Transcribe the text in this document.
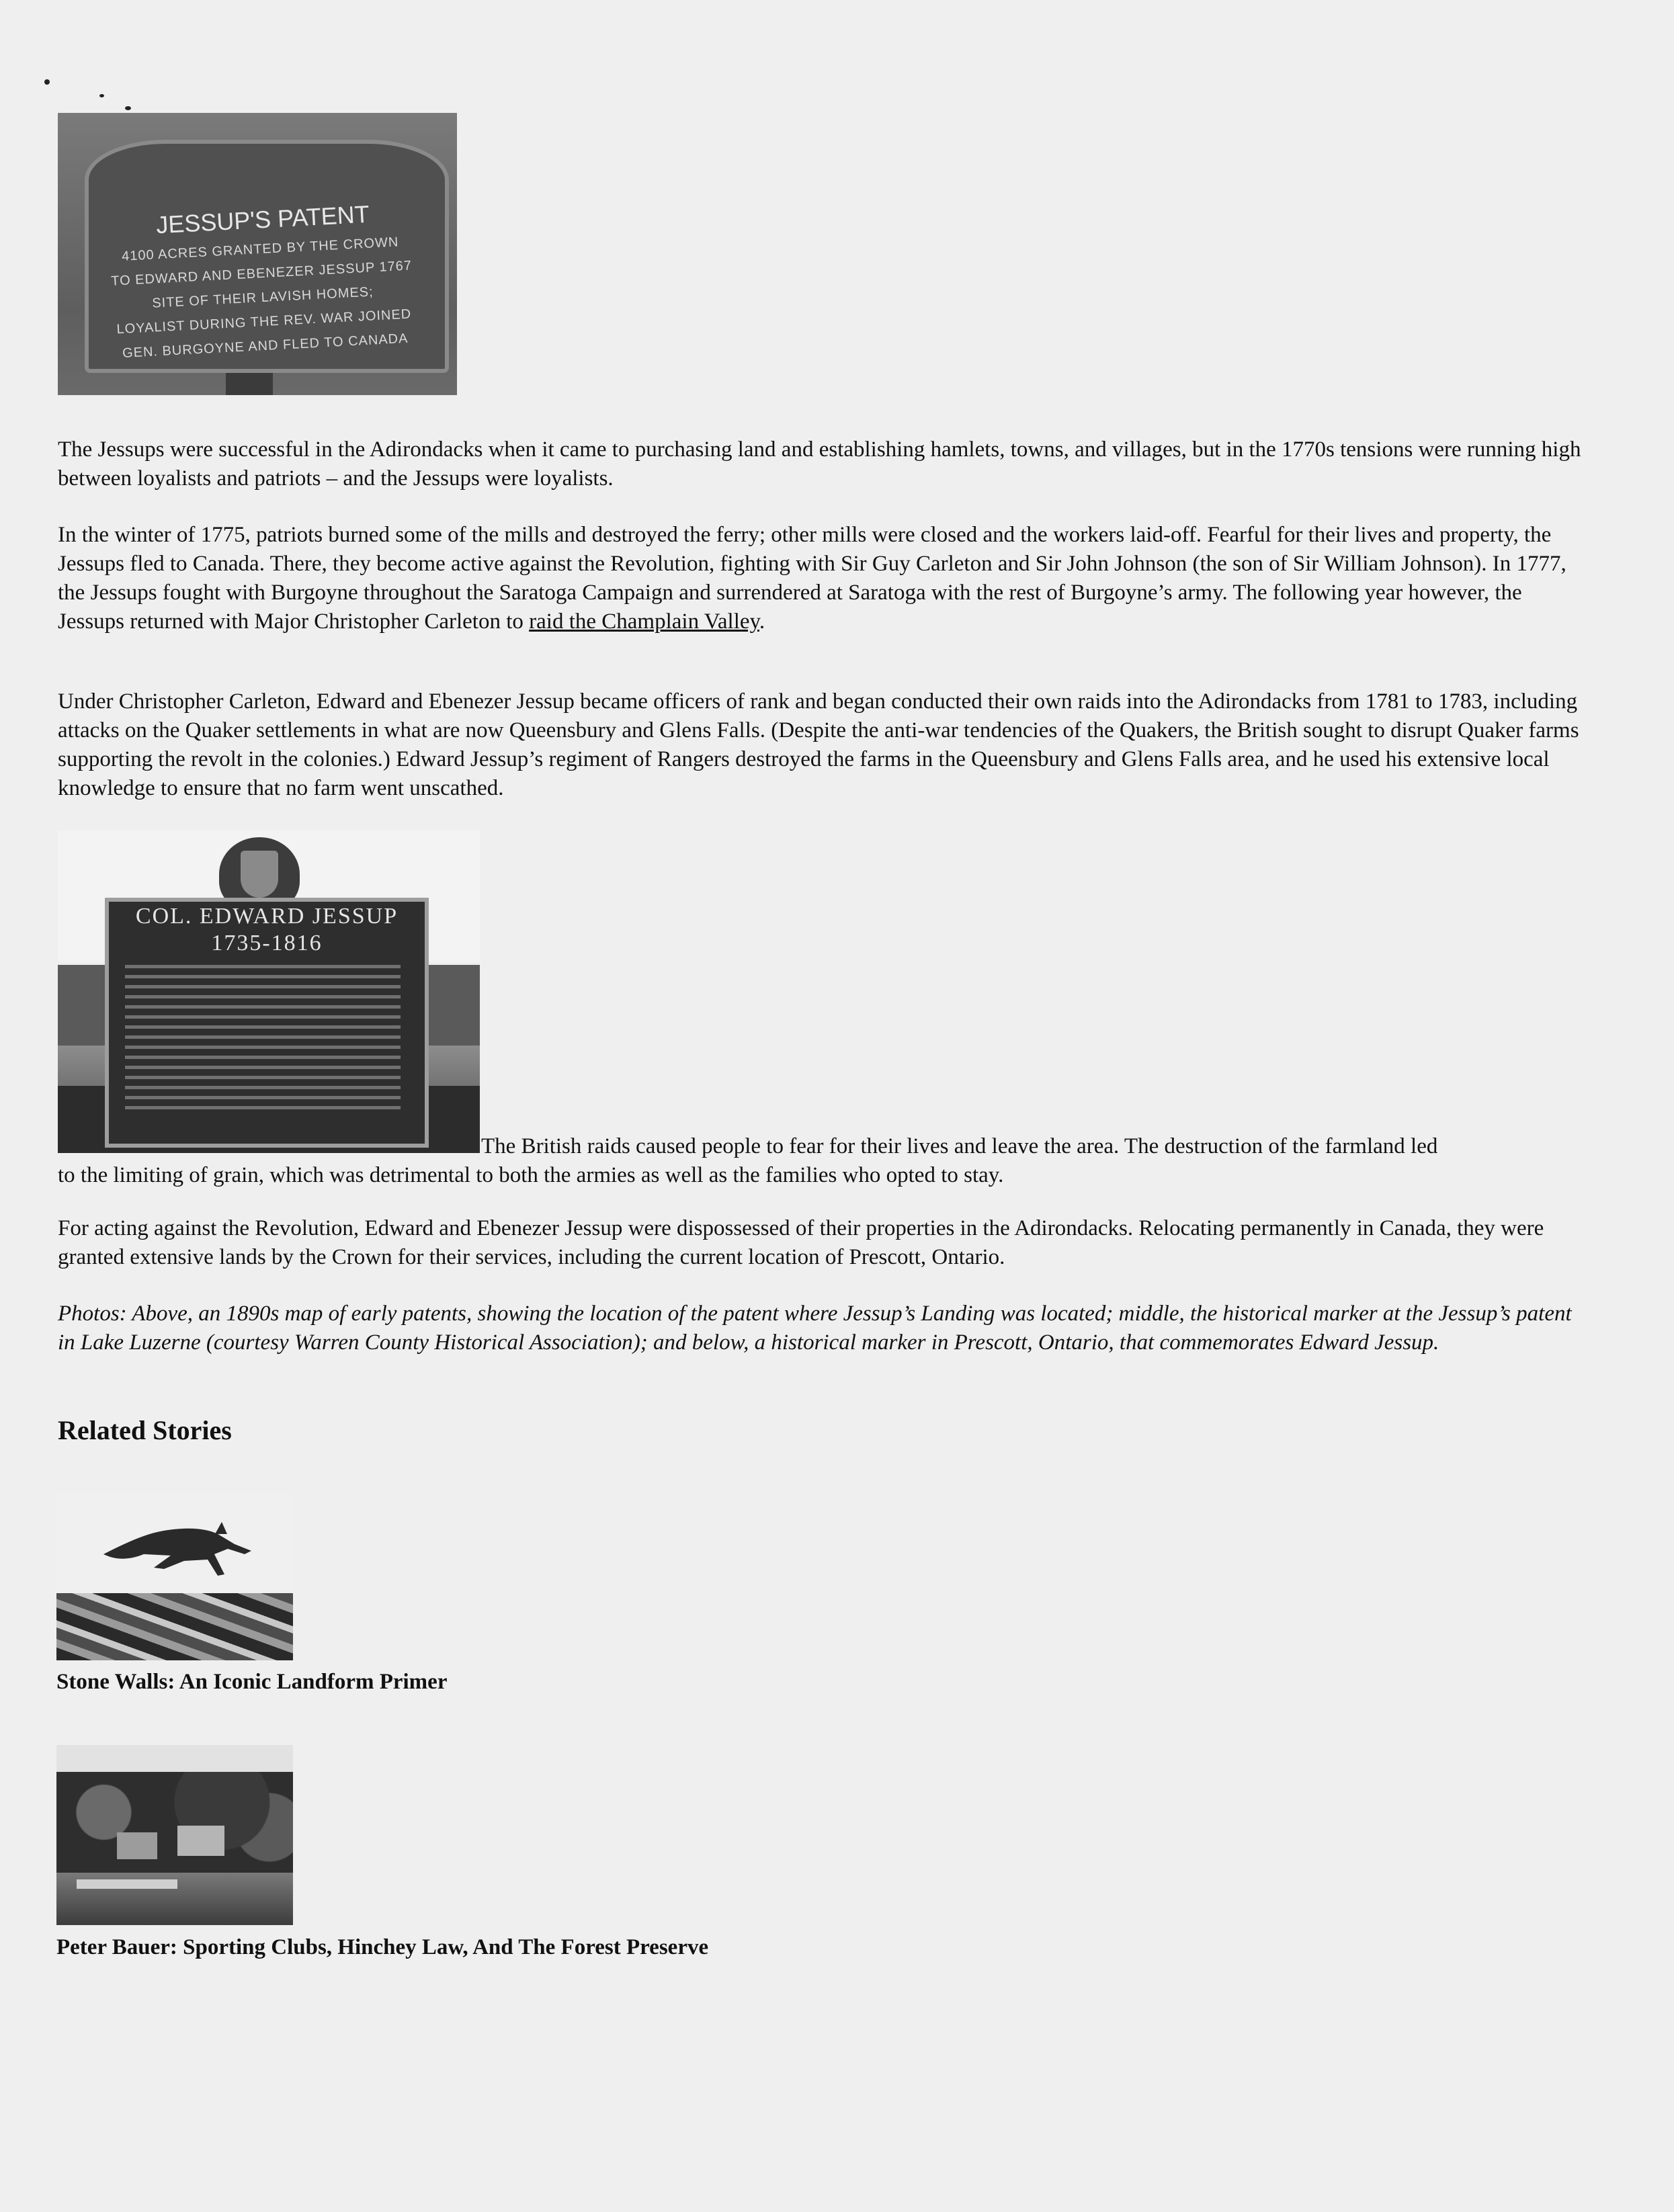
JESSUP'S PATENT
4100 ACRES GRANTED BY THE CROWN
TO EDWARD AND EBENEZER JESSUP 1767
SITE OF THEIR LAVISH HOMES;
LOYALIST DURING THE REV. WAR JOINED
GEN. BURGOYNE AND FLED TO CANADA

The Jessups were successful in the Adirondacks when it came to purchasing land and establishing hamlets, towns, and villages, but in the 1770s tensions were running high between loyalists and patriots – and the Jessups were loyalists.

In the winter of 1775, patriots burned some of the mills and destroyed the ferry; other mills were closed and the workers laid-off. Fearful for their lives and property, the Jessups fled to Canada. There, they become active against the Revolution, fighting with Sir Guy Carleton and Sir John Johnson (the son of Sir William Johnson). In 1777, the Jessups fought with Burgoyne throughout the Saratoga Campaign and surrendered at Saratoga with the rest of Burgoyne’s army. The following year however, the Jessups returned with Major Christopher Carleton to raid the Champlain Valley.

Under Christopher Carleton, Edward and Ebenezer Jessup became officers of rank and began conducted their own raids into the Adirondacks from 1781 to 1783, including attacks on the Quaker settlements in what are now Queensbury and Glens Falls. (Despite the anti-war tendencies of the Quakers, the British sought to disrupt Quaker farms supporting the revolt in the colonies.) Edward Jessup’s regiment of Rangers destroyed the farms in the Queensbury and Glens Falls area, and he used his extensive local knowledge to ensure that no farm went unscathed.

COL. EDWARD JESSUP
1735-1816

The British raids caused people to fear for their lives and leave the area. The destruction of the farmland led

to the limiting of grain, which was detrimental to both the armies as well as the families who opted to stay.

For acting against the Revolution, Edward and Ebenezer Jessup were dispossessed of their properties in the Adirondacks. Relocating permanently in Canada, they were granted extensive lands by the Crown for their services, including the current location of Prescott, Ontario.

Photos: Above, an 1890s map of early patents, showing the location of the patent where Jessup’s Landing was located; middle, the historical marker at the Jessup’s patent in Lake Luzerne (courtesy Warren County Historical Association); and below, a historical marker in Prescott, Ontario, that commemorates Edward Jessup.

Related Stories

Stone Walls: An Iconic Landform Primer

Peter Bauer: Sporting Clubs, Hinchey Law, And The Forest Preserve
